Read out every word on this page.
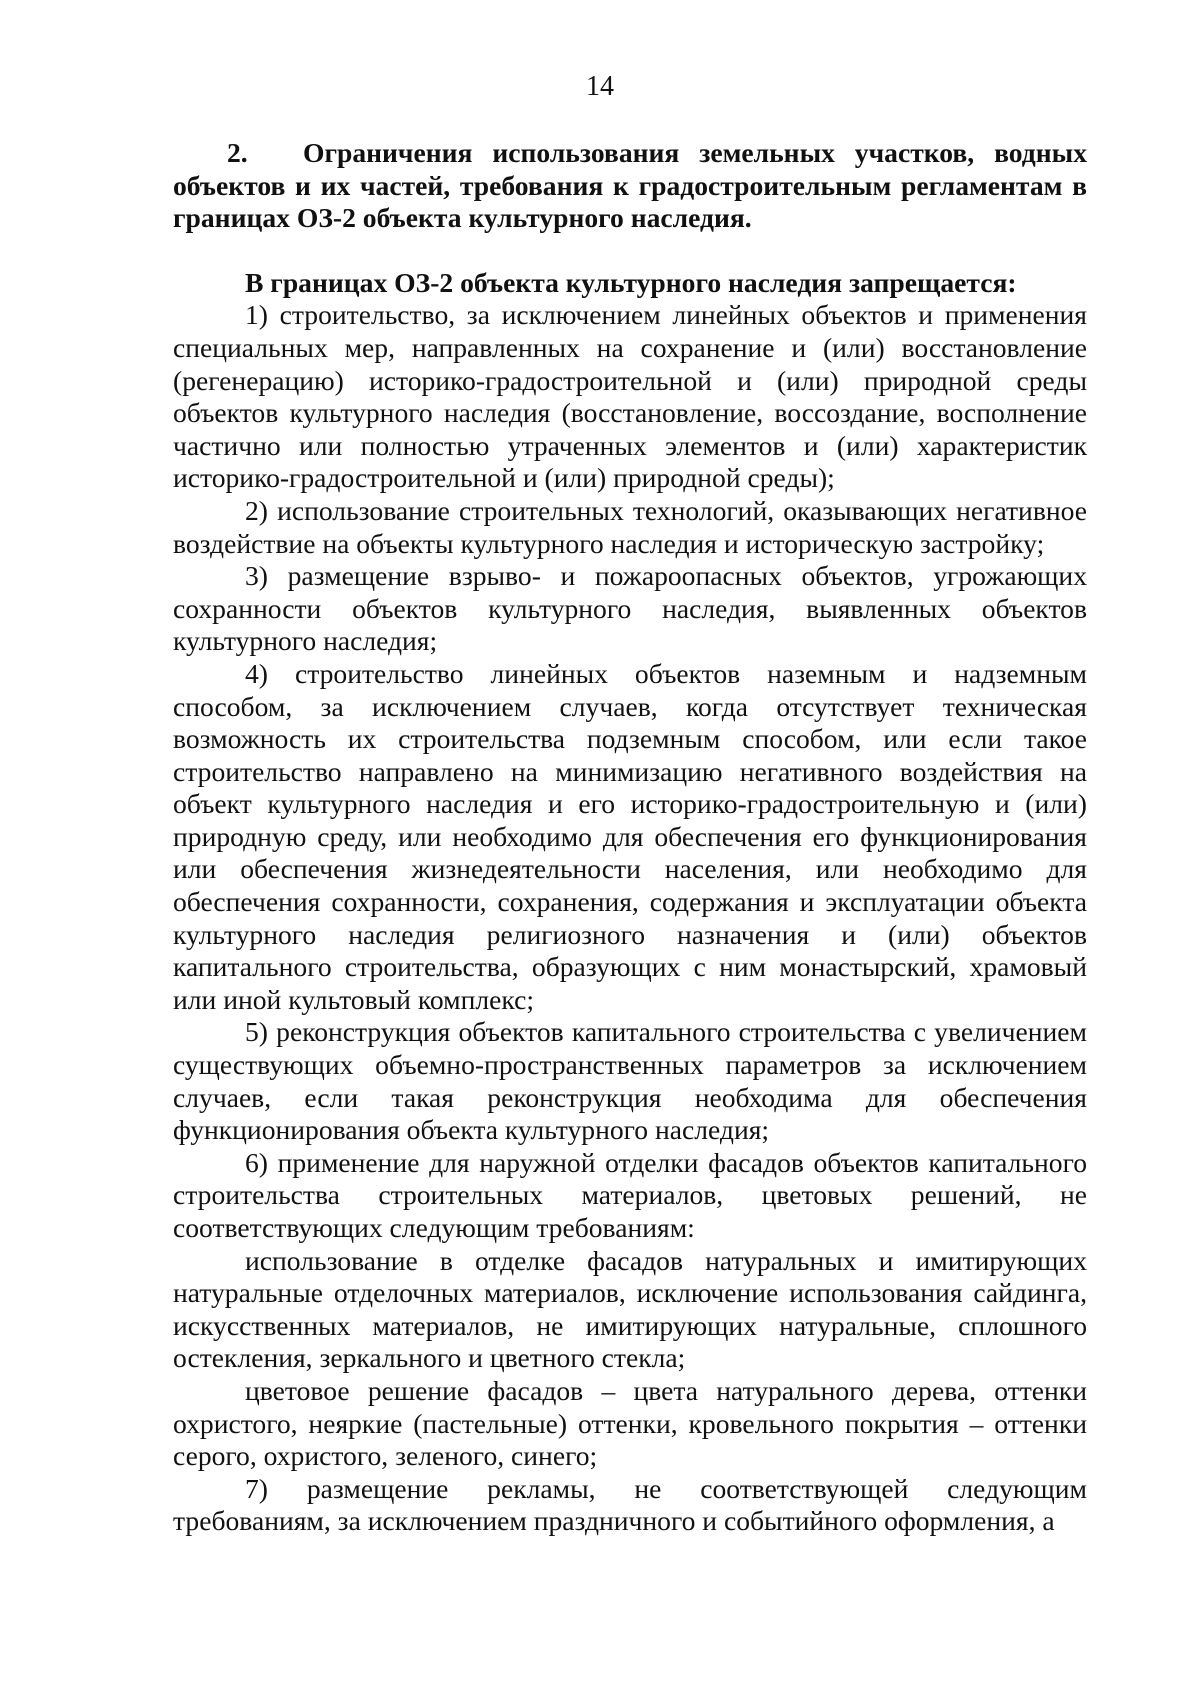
14

2. Ограничения использования земельных участков, водных объектов и их частей, требования к градостроительным регламентам в границах ОЗ-2 объекта культурного наследия.

В границах ОЗ-2 объекта культурного наследия запрещается:

1) строительство, за исключением линейных объектов и применения специальных мер, направленных на сохранение и (или) восстановление (регенерацию) историко-градостроительной и (или) природной среды объектов культурного наследия (восстановление, воссоздание, восполнение частично или полностью утраченных элементов и (или) характеристик историко-градостроительной и (или) природной среды);

2) использование строительных технологий, оказывающих негативное воздействие на объекты культурного наследия и историческую застройку;

3) размещение взрыво- и пожароопасных объектов, угрожающих сохранности объектов культурного наследия, выявленных объектов культурного наследия;

4) строительство линейных объектов наземным и надземным способом, за исключением случаев, когда отсутствует техническая возможность их строительства подземным способом, или если такое строительство направлено на минимизацию негативного воздействия на объект культурного наследия и его историко-градостроительную и (или) природную среду, или необходимо для обеспечения его функционирования или обеспечения жизнедеятельности населения, или необходимо для обеспечения сохранности, сохранения, содержания и эксплуатации объекта культурного наследия религиозного назначения и (или) объектов капитального строительства, образующих с ним монастырский, храмовый или иной культовый комплекс;

5) реконструкция объектов капитального строительства с увеличением существующих объемно-пространственных параметров за исключением случаев, если такая реконструкция необходима для обеспечения функционирования объекта культурного наследия;

6) применение для наружной отделки фасадов объектов капитального строительства строительных материалов, цветовых решений, не соответствующих следующим требованиям:

использование в отделке фасадов натуральных и имитирующих натуральные отделочных материалов, исключение использования сайдинга, искусственных материалов, не имитирующих натуральные, сплошного остекления, зеркального и цветного стекла;

цветовое решение фасадов – цвета натурального дерева, оттенки охристого, неяркие (пастельные) оттенки, кровельного покрытия – оттенки серого, охристого, зеленого, синего;

7) размещение рекламы, не соответствующей следующим требованиям, за исключением праздничного и событийного оформления, а
